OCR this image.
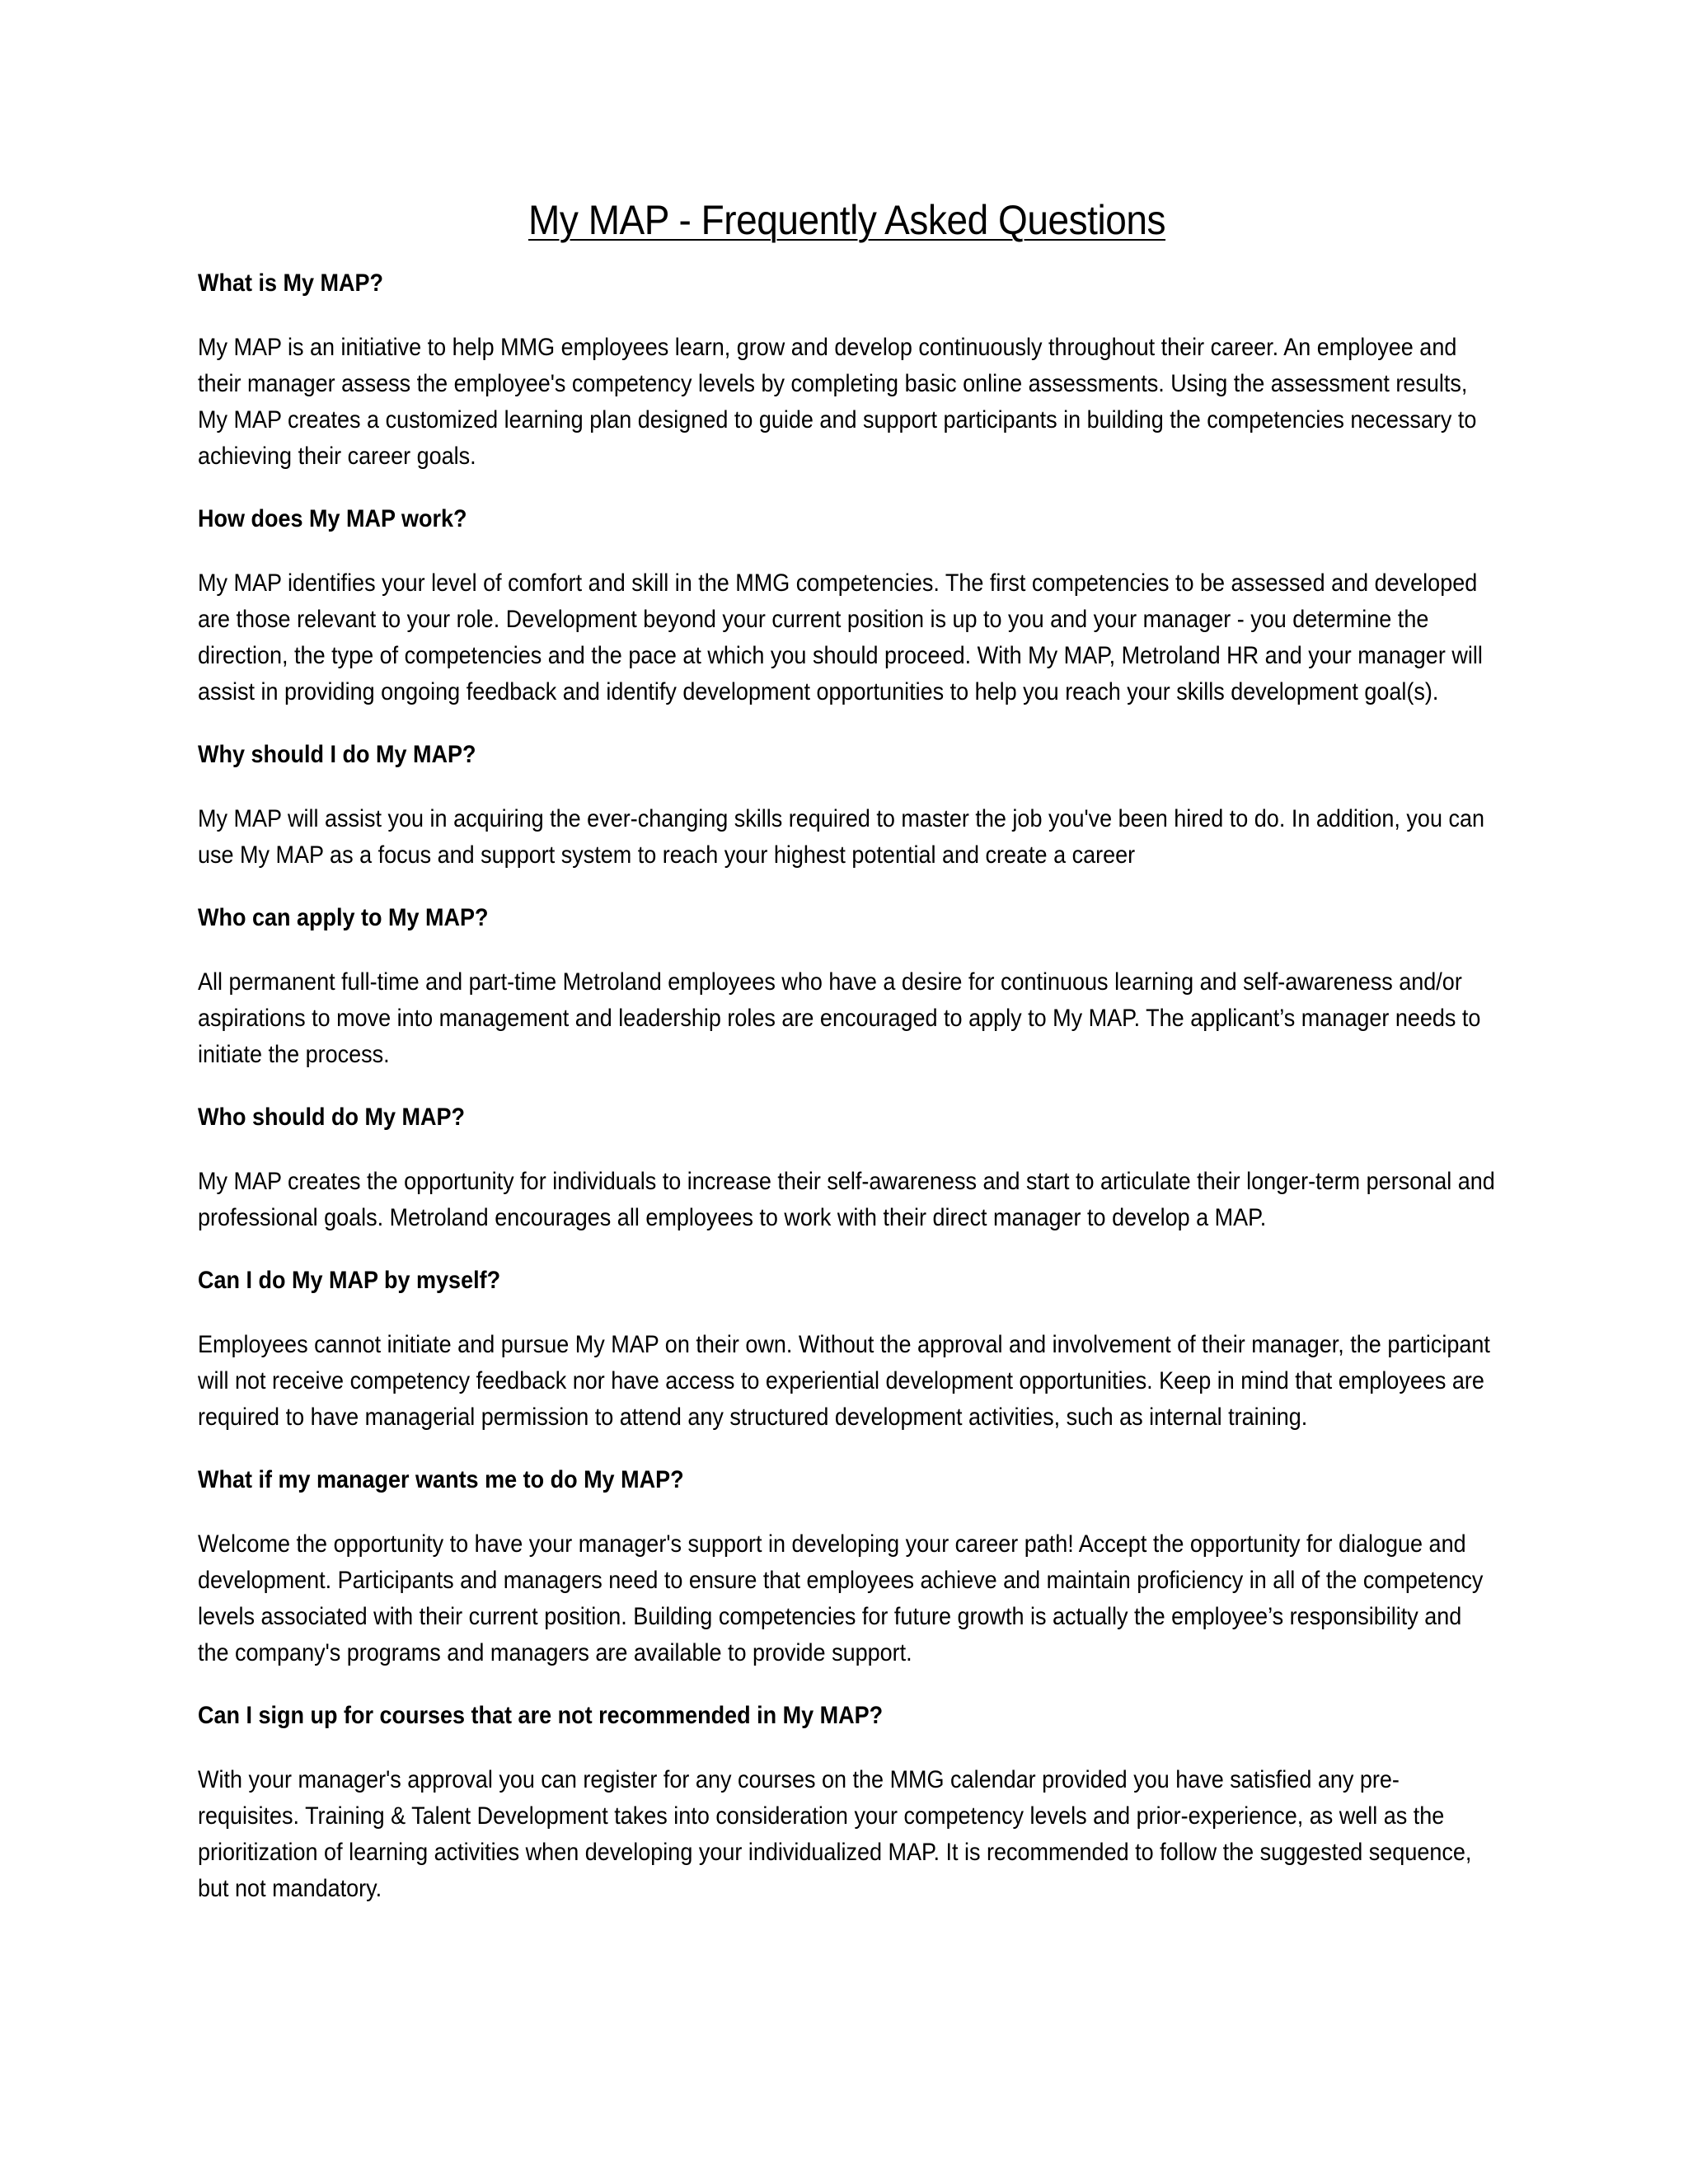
My MAP - Frequently Asked Questions
What is My MAP?
My MAP is an initiative to help MMG employees learn, grow and develop continuously throughout their career. An employee and their manager assess the employee's competency levels by completing basic online assessments. Using the assessment results, My MAP creates a customized learning plan designed to guide and support participants in building the competencies necessary to achieving their career goals.
How does My MAP work?
My MAP identifies your level of comfort and skill in the MMG competencies. The first competencies to be assessed and developed are those relevant to your role. Development beyond your current position is up to you and your manager - you determine the direction, the type of competencies and the pace at which you should proceed. With My MAP, Metroland HR and your manager will assist in providing ongoing feedback and identify development opportunities to help you reach your skills development goal(s).
Why should I do My MAP?
My MAP will assist you in acquiring the ever-changing skills required to master the job you've been hired to do. In addition, you can use My MAP as a focus and support system to reach your highest potential and create a career
Who can apply to My MAP?
All permanent full-time and part-time Metroland employees who have a desire for continuous learning and self-awareness and/or aspirations to move into management and leadership roles are encouraged to apply to My MAP. The applicant’s manager needs to initiate the process.
Who should do My MAP?
My MAP creates the opportunity for individuals to increase their self-awareness and start to articulate their longer-term personal and professional goals. Metroland encourages all employees to work with their direct manager to develop a MAP.
Can I do My MAP by myself?
Employees cannot initiate and pursue My MAP on their own. Without the approval and involvement of their manager, the participant will not receive competency feedback nor have access to experiential development opportunities. Keep in mind that employees are required to have managerial permission to attend any structured development activities, such as internal training.
What if my manager wants me to do My MAP?
Welcome the opportunity to have your manager's support in developing your career path! Accept the opportunity for dialogue and development. Participants and managers need to ensure that employees achieve and maintain proficiency in all of the competency levels associated with their current position. Building competencies for future growth is actually the employee’s responsibility and the company's programs and managers are available to provide support.
Can I sign up for courses that are not recommended in My MAP?
With your manager's approval you can register for any courses on the MMG calendar provided you have satisfied any pre-requisites. Training & Talent Development takes into consideration your competency levels and prior-experience, as well as the prioritization of learning activities when developing your individualized MAP. It is recommended to follow the suggested sequence, but not mandatory.
